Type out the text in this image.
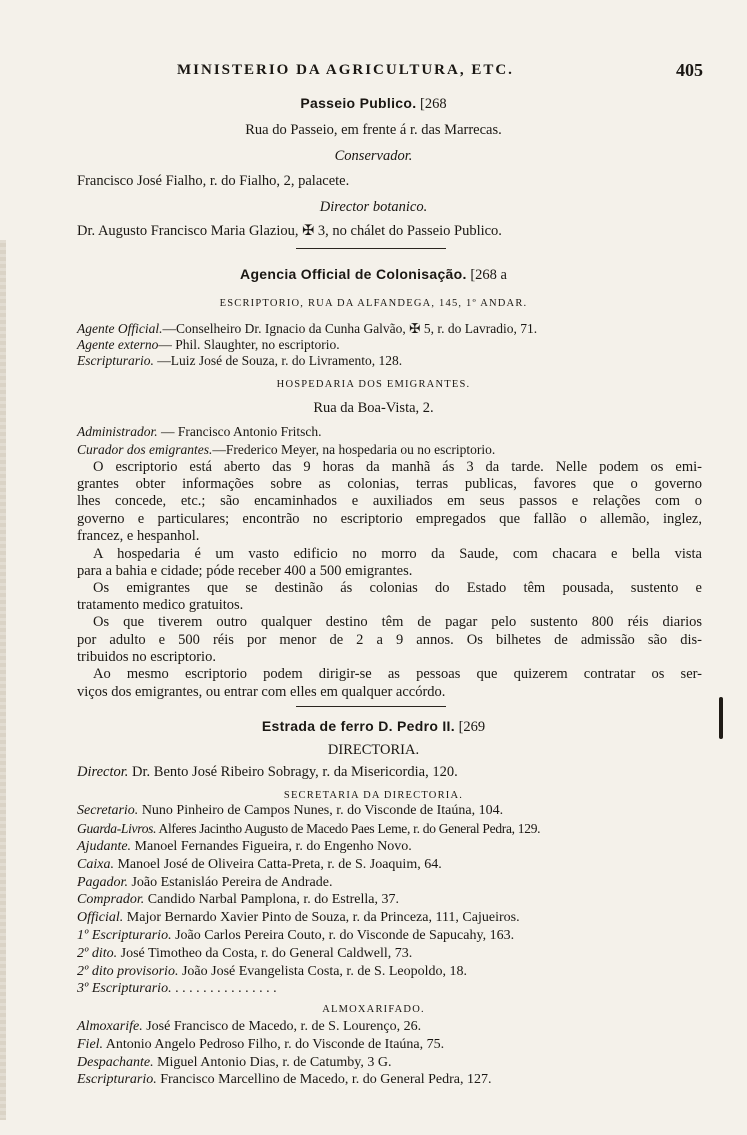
MINISTERIO DA AGRICULTURA, ETC.	405
Passeio Publico. [268
Rua do Passeio, em frente á r. das Marrecas.
Conservador.
Francisco José Fialho, r. do Fialho, 2, palacete.
Director botanico.
Dr. Augusto Francisco Maria Glaziou, ✠ 3, no chálet do Passeio Publico.
Agencia Official de Colonisação. [268 a
ESCRIPTORIO, RUA DA ALFANDEGA, 145, 1º ANDAR.
Agente Official.—Conselheiro Dr. Ignacio da Cunha Galvão, ✠ 5, r. do Lavradio, 71.
Agente externo— Phil. Slaughter, no escriptorio.
Escripturario. —Luiz José de Souza, r. do Livramento, 128.
HOSPEDARIA DOS EMIGRANTES.
Rua da Boa-Vista, 2.
Administrador. — Francisco Antonio Fritsch.
Curador dos emigrantes.—Frederico Meyer, na hospedaria ou no escriptorio.
O escriptorio está aberto das 9 horas da manhã ás 3 da tarde. Nelle podem os emi-
grantes obter informações sobre as colonias, terras publicas, favores que o governo
lhes concede, etc.; são encaminhados e auxiliados em seus passos e relações com o
governo e particulares; encontrão no escriptorio empregados que fallão o allemão, inglez,
francez, e hespanhol.
A hospedaria é um vasto edificio no morro da Saude, com chacara e bella vista
para a bahia e cidade; póde receber 400 a 500 emigrantes.
Os emigrantes que se destinão ás colonias do Estado têm pousada, sustento e
tratamento medico gratuitos.
Os que tiverem outro qualquer destino têm de pagar pelo sustento 800 réis diarios
por adulto e 500 réis por menor de 2 a 9 annos. Os bilhetes de admissão são dis-
tribuidos no escriptorio.
Ao mesmo escriptorio podem dirigir-se as pessoas que quizerem contratar os ser-
viços dos emigrantes, ou entrar com elles em qualquer accórdo.
Estrada de ferro D. Pedro II. [269
DIRECTORIA.
Director. Dr. Bento José Ribeiro Sobragy, r. da Misericordia, 120.
SECRETARIA DA DIRECTORIA.
Secretario. Nuno Pinheiro de Campos Nunes, r. do Visconde de Itaúna, 104.
Guarda-Livros. Alferes Jacintho Augusto de Macedo Paes Leme, r. do General Pedra, 129.
Ajudante. Manoel Fernandes Figueira, r. do Engenho Novo.
Caixa. Manoel José de Oliveira Catta-Preta, r. de S. Joaquim, 64.
Pagador. João Estanisláo Pereira de Andrade.
Comprador. Candido Narbal Pamplona, r. do Estrella, 37.
Official. Major Bernardo Xavier Pinto de Souza, r. da Princeza, 111, Cajueiros.
1º Escripturario. João Carlos Pereira Couto, r. do Visconde de Sapucahy, 163.
2º dito. José Timotheo da Costa, r. do General Caldwell, 73.
2º dito provisorio. João José Evangelista Costa, r. de S. Leopoldo, 18.
3º Escripturario. . . . . . . . . . . . . . . .
ALMOXARIFADO.
Almoxarife. José Francisco de Macedo, r. de S. Lourenço, 26.
Fiel. Antonio Angelo Pedroso Filho, r. do Visconde de Itaúna, 75.
Despachante. Miguel Antonio Dias, r. de Catumby, 3 G.
Escripturario. Francisco Marcellino de Macedo, r. do General Pedra, 127.
